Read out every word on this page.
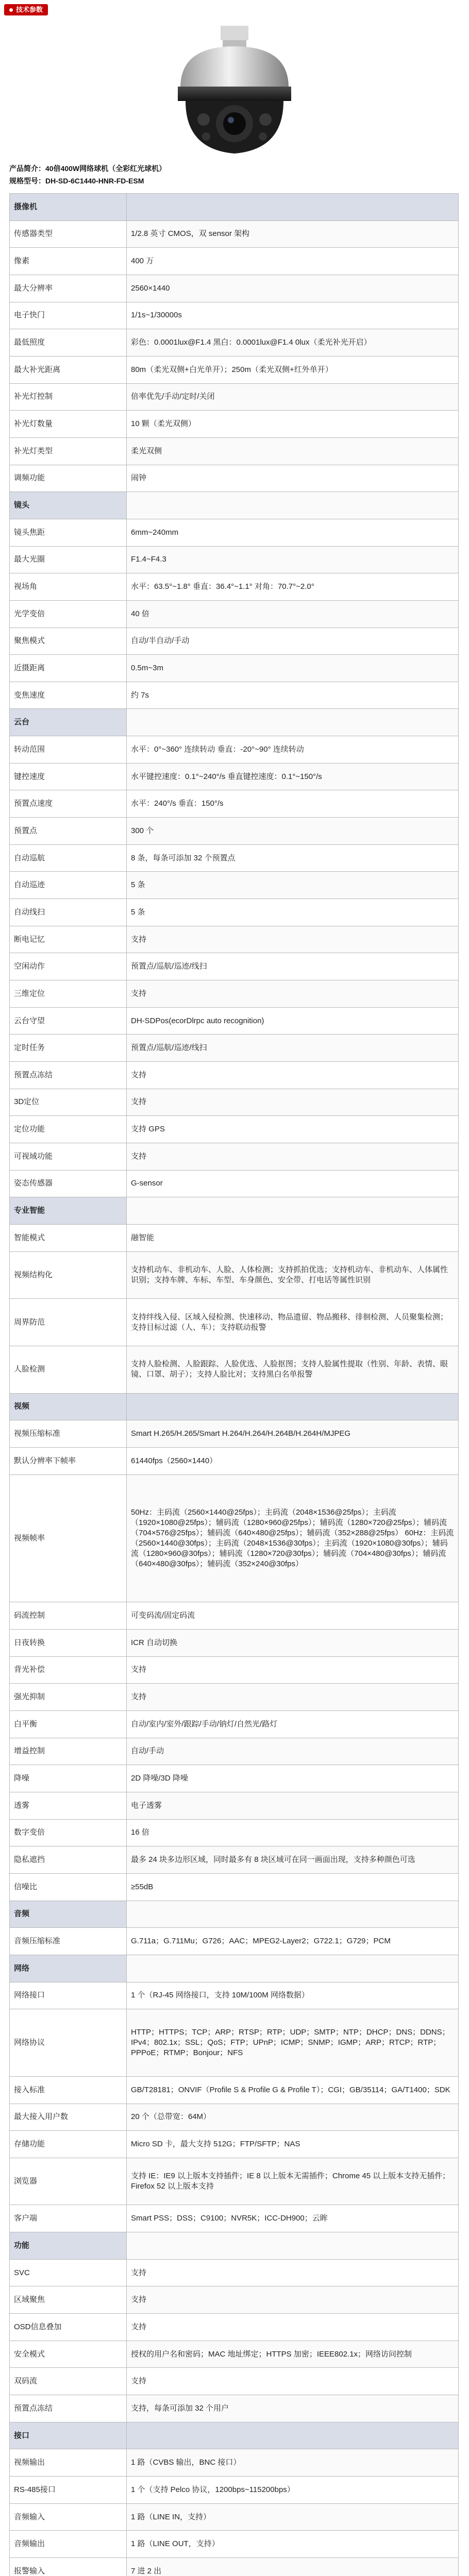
技术参数
产品简介：40倍400W网络球机（全彩红光球机）
规格型号：DH-SD-6C1440-HNR-FD-ESM
摄像机	
传感器类型	1/2.8 英寸 CMOS，双 sensor 架构
像素	400 万
最大分辨率	2560×1440
电子快门	1/1s~1/30000s
最低照度	彩色：0.0001lux@F1.4 黑白：0.0001lux@F1.4 0lux（柔光补光开启）
最大补光距离	80m（柔光双侧+白光单开）；250m（柔光双侧+红外单开）
补光灯控制	倍率优先/手动/定时/关闭
补光灯数量	10 颗（柔光双侧）
补光灯类型	柔光双侧
调频功能	闹钟
镜头	
镜头焦距	6mm~240mm
最大光圈	F1.4~F4.3
视场角	水平：63.5°~1.8° 垂直：36.4°~1.1° 对角：70.7°~2.0°
光学变倍	40 倍
聚焦模式	自动/半自动/手动
近摄距离	0.5m~3m
变焦速度	约 7s
云台	
转动范围	水平：0°~360° 连续转动 垂直：-20°~90° 连续转动
键控速度	水平键控速度：0.1°~240°/s 垂直键控速度：0.1°~150°/s
预置点速度	水平：240°/s 垂直：150°/s
预置点	300 个
自动巡航	8 条，每条可添加 32 个预置点
自动巡迹	5 条
自动线扫	5 条
断电记忆	支持
空闲动作	预置点/巡航/巡迹/线扫
三维定位	支持
云台守望	DH-SDPos(ecorDlrpc auto recognition)
定时任务	预置点/巡航/巡迹/线扫
预置点冻结	支持
3D定位	支持
定位功能	支持 GPS
可视域功能	支持
姿态传感器	G-sensor
专业智能	
智能模式	融智能
视频结构化	支持机动车、非机动车、人脸、人体检测；支持抓拍优选；支持机动车、非机动车、人体属性识别；支持车牌、车标、车型、车身颜色、安全带、打电话等属性识别
周界防范	支持绊线入侵、区域入侵检测、快速移动、物品遗留、物品搬移、徘徊检测、人员聚集检测；支持目标过滤（人、车）；支持联动报警
人脸检测	支持人脸检测、人脸跟踪、人脸优选、人脸抠图；支持人脸属性提取（性别、年龄、表情、眼镜、口罩、胡子）；支持人脸比对；支持黑白名单报警
视频	
视频压缩标准	Smart H.265/H.265/Smart H.264/H.264/H.264B/H.264H/MJPEG
默认分辨率下帧率	61440fps（2560×1440）
视频帧率	50Hz：主码流（2560×1440@25fps）；主码流（2048×1536@25fps）；主码流（1920×1080@25fps）；辅码流（1280×960@25fps）；辅码流（1280×720@25fps）；辅码流（704×576@25fps）；辅码流（640×480@25fps）；辅码流（352×288@25fps） 60Hz：主码流（2560×1440@30fps）；主码流（2048×1536@30fps）；主码流（1920×1080@30fps）；辅码流（1280×960@30fps）；辅码流（1280×720@30fps）；辅码流（704×480@30fps）；辅码流（640×480@30fps）；辅码流（352×240@30fps）
码流控制	可变码流/固定码流
日夜转换	ICR 自动切换
背光补偿	支持
强光抑制	支持
白平衡	自动/室内/室外/跟踪/手动/钠灯/自然光/路灯
增益控制	自动/手动
降噪	2D 降噪/3D 降噪
透雾	电子透雾
数字变倍	16 倍
隐私遮挡	最多 24 块多边形区域，同时最多有 8 块区域可在同一画面出现，支持多种颜色可选
信噪比	≥55dB
音频	
音频压缩标准	G.711a；G.711Mu；G726；AAC；MPEG2-Layer2；G722.1；G729；PCM
网络	
网络接口	1 个（RJ-45 网络接口，支持 10M/100M 网络数据）
网络协议	HTTP；HTTPS；TCP；ARP；RTSP；RTP；UDP；SMTP；NTP；DHCP；DNS；DDNS；IPv4；802.1x；SSL；QoS；FTP；UPnP；ICMP；SNMP；IGMP；ARP；RTCP；RTP；PPPoE；RTMP；Bonjour；NFS
接入标准	GB/T28181；ONVIF（Profile S & Profile G & Profile T）；CGI；GB/35114；GA/T1400；SDK
最大接入用户数	20 个（总带宽：64M）
存储功能	Micro SD 卡，最大支持 512G；FTP/SFTP；NAS
浏览器	支持 IE：IE9 以上版本支持插件；IE 8 以上版本无需插件；Chrome 45 以上版本支持无插件；Firefox 52 以上版本支持
客户端	Smart PSS；DSS；C9100；NVR5K；ICC-DH900；云眸
功能	
SVC	支持
区域聚焦	支持
OSD信息叠加	支持
安全模式	授权的用户名和密码；MAC 地址绑定；HTTPS 加密；IEEE802.1x；网络访问控制
双码流	支持
预置点冻结	支持，每条可添加 32 个用户
接口	
视频输出	1 路（CVBS 输出，BNC 接口）
RS-485接口	1 个（支持 Pelco 协议，1200bps~115200bps）
音频输入	1 路（LINE IN，支持）
音频输出	1 路（LINE OUT，支持）
报警输入	7 进 2 出
